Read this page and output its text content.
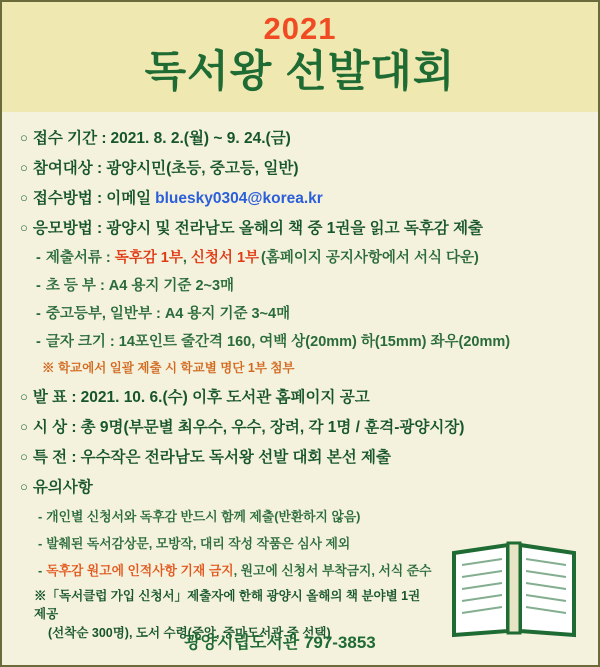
2021
독서왕 선발대회
○ 접수 기간 : 2021. 8. 2.(월) ~ 9. 24.(금)
○ 참여대상 : 광양시민(초등, 중고등, 일반)
○ 접수방법 : 이메일 bluesky0304@korea.kr
○ 응모방법 : 광양시 및 전라남도 올해의 책 중 1권을 읽고 독후감 제출
- 제출서류 : 독후감 1부 , 신청서 1부 (홈페이지 공지사항에서 서식 다운)
- 초 등 부 : A4 용지 기준 2~3매
- 중고등부, 일반부 : A4 용지 기준 3~4매
- 글자 크기 : 14포인트 줄간격 160, 여백 상(20mm) 하(15mm) 좌우(20mm)
※ 학교에서 일괄 제출 시 학교별 명단 1부 첨부
○ 발 표 : 2021. 10. 6.(수) 이후 도서관 홈페이지 공고
○ 시 상 : 총 9명(부문별 최우수, 우수, 장려, 각 1명 / 훈격-광양시장)
○ 특 전 : 우수작은 전라남도 독서왕 선발 대회 본선 제출
○ 유의사항
- 개인별 신청서와 독후감 반드시 함께 제출(반환하지 않음)
- 발췌된 독서감상문, 모방작, 대리 작성 작품은 심사 제외
- 독후감 원고에 인적사항 기재 금지 , 원고에 신청서 부착금지, 서식 준수
※「독서클럽 가입 신청서」제출자에 한해 광양시 올해의 책 분야별 1권 제공
(선착순 300명), 도서 수령(중앙, 중마도서관 중 선택)
광양시립도서관 797-3853
